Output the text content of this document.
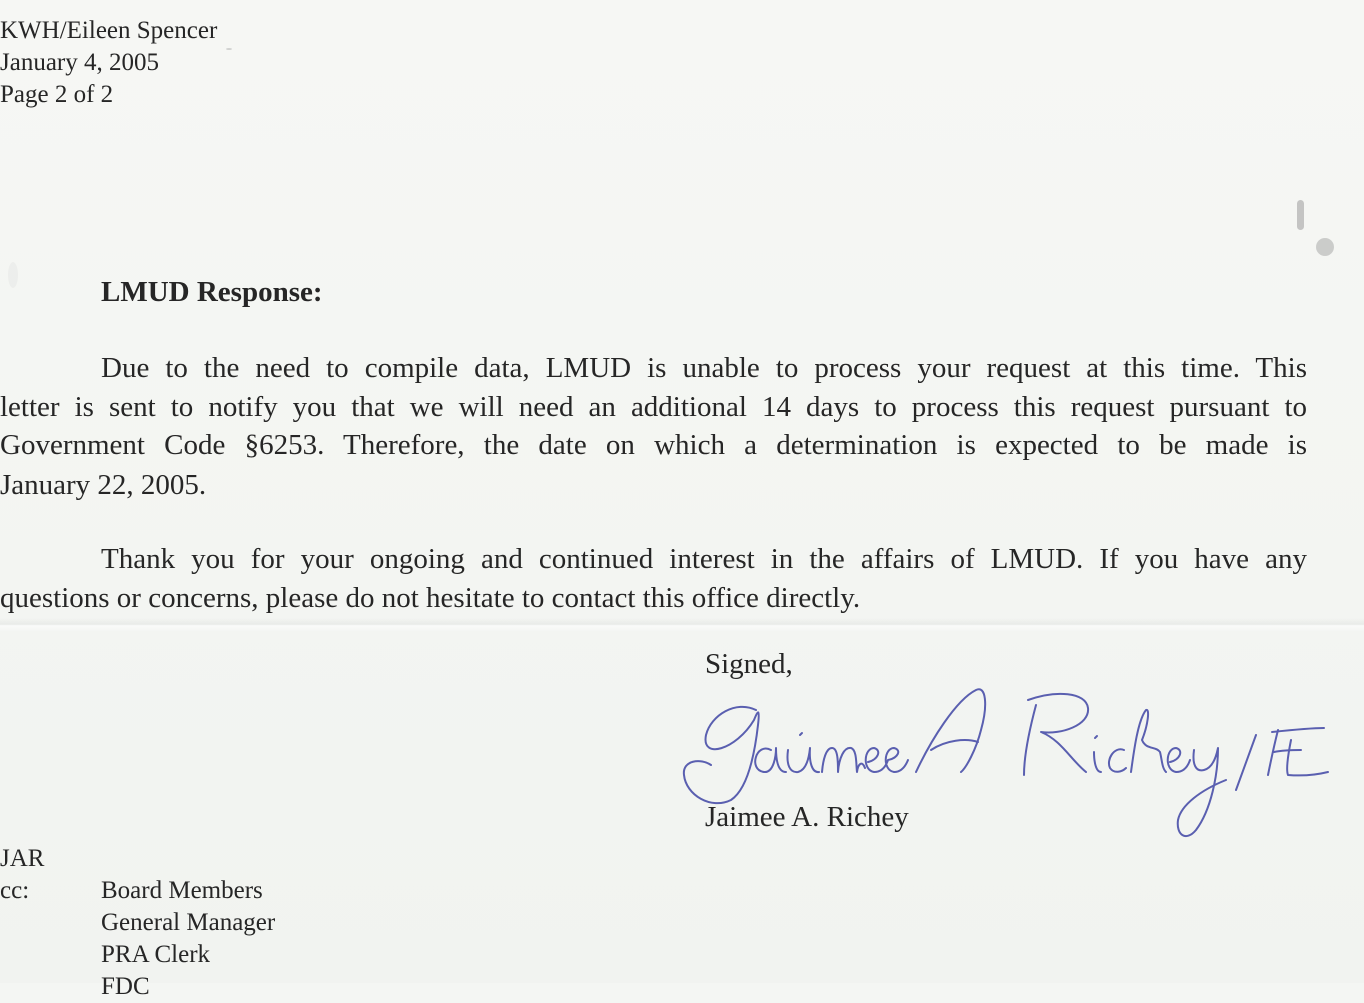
KWH/Eileen Spencer
January 4, 2005
Page 2 of 2
LMUD Response:
Due to the need to compile data, LMUD is unable to process your request at this time. This
letter is sent to notify you that we will need an additional 14 days to process this request pursuant to
Government Code §6253. Therefore, the date on which a determination is expected to be made is
January 22, 2005.
Thank you for your ongoing and continued interest in the affairs of LMUD. If you have any
questions or concerns, please do not hesitate to contact this office directly.
Signed,
Jaimee A. Richey
JAR
cc:	Board Members
General Manager
PRA Clerk
FDC
